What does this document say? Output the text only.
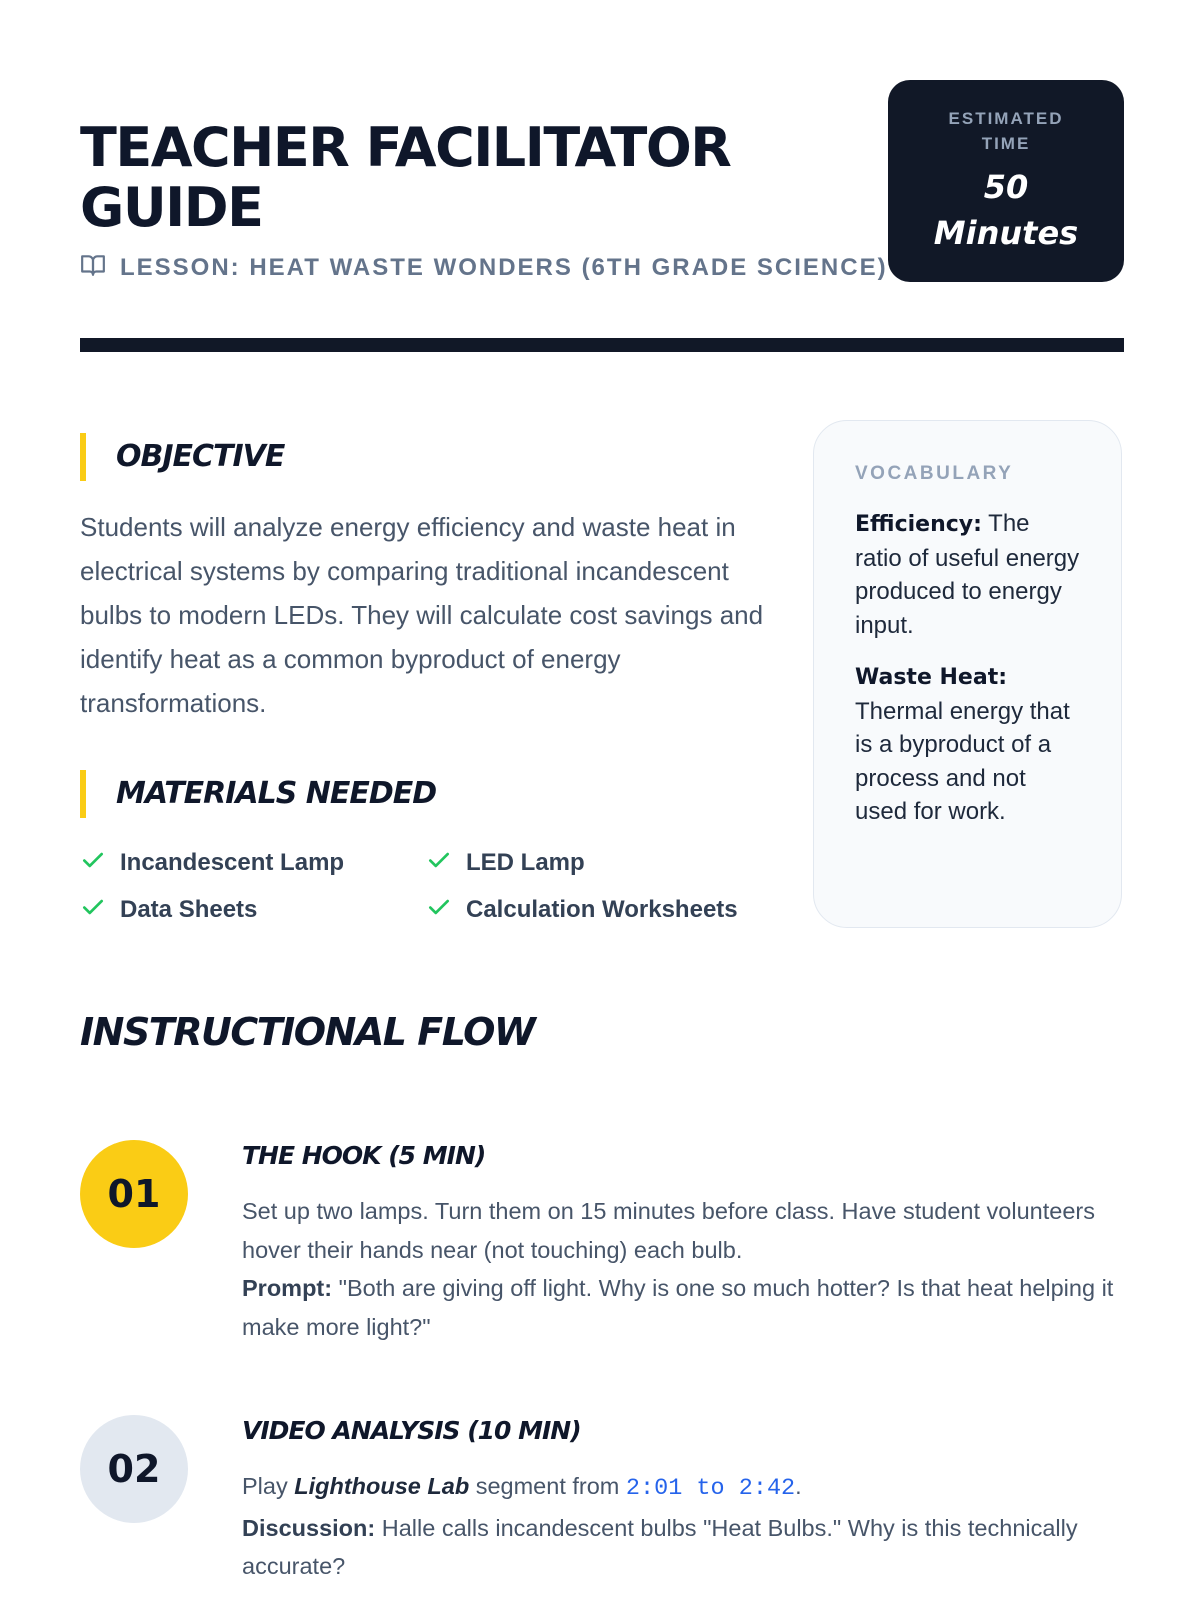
TEACHER FACILITATOR GUIDE
LESSON: HEAT WASTE WONDERS (6TH GRADE SCIENCE)
ESTIMATED TIME
50 Minutes
OBJECTIVE

Students will analyze energy efficiency and waste heat in electrical systems by comparing traditional incandescent bulbs to modern LEDs. They will calculate cost savings and identify heat as a common byproduct of energy transformations.

MATERIALS NEEDED
Incandescent Lamp	LED Lamp
Data Sheets	Calculation Worksheets
VOCABULARY
Efficiency: The ratio of useful energy produced to energy input.
Waste Heat:
Thermal energy that is a byproduct of a process and not used for work.
INSTRUCTIONAL FLOW
01
THE HOOK (5 MIN)

Set up two lamps. Turn them on 15 minutes before class. Have student volunteers hover their hands near (not touching) each bulb.
Prompt: "Both are giving off light. Why is one so much hotter? Is that heat helping it make more light?"

02
VIDEO ANALYSIS (10 MIN)

Play Lighthouse Lab segment from 2:01 to 2:42.
Discussion: Halle calls incandescent bulbs "Heat Bulbs." Why is this technically accurate?
